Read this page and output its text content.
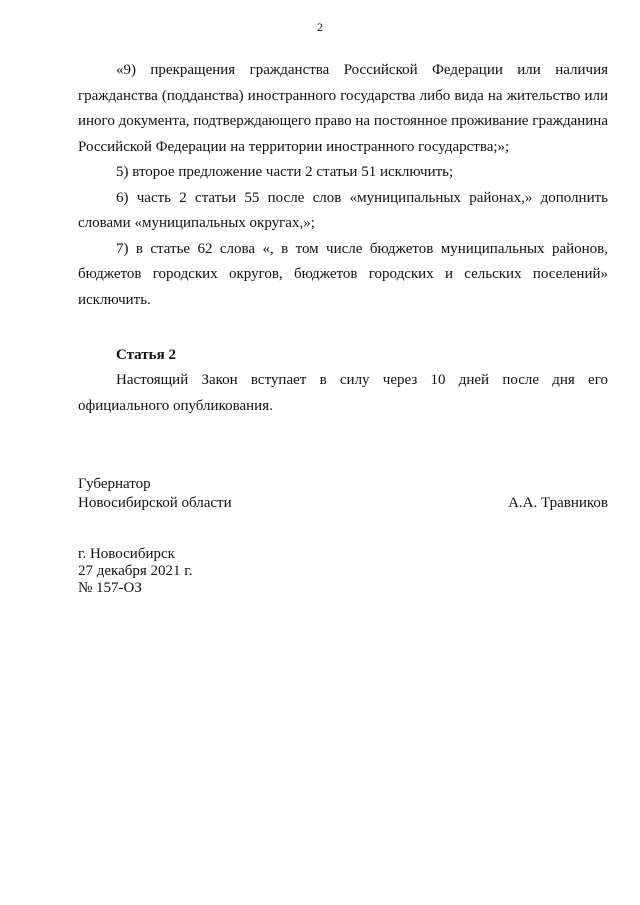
2

«9) прекращения гражданства Российской Федерации или наличия гражданства (подданства) иностранного государства либо вида на жительство или иного документа, подтверждающего право на постоянное проживание гражданина Российской Федерации на территории иностранного государства;»;

5) второе предложение части 2 статьи 51 исключить;

6) часть 2 статьи 55 после слов «муниципальных районах,» дополнить словами «муниципальных округах,»;

7) в статье 62 слова «, в том числе бюджетов муниципальных районов, бюджетов городских округов, бюджетов городских и сельских поселений» исключить.

Статья 2

Настоящий Закон вступает в силу через 10 дней после дня его официального опубликования.

Губернатор
Новосибирской области	А.А. Травников
г. Новосибирск
27 декабря 2021 г.
№ 157-ОЗ
